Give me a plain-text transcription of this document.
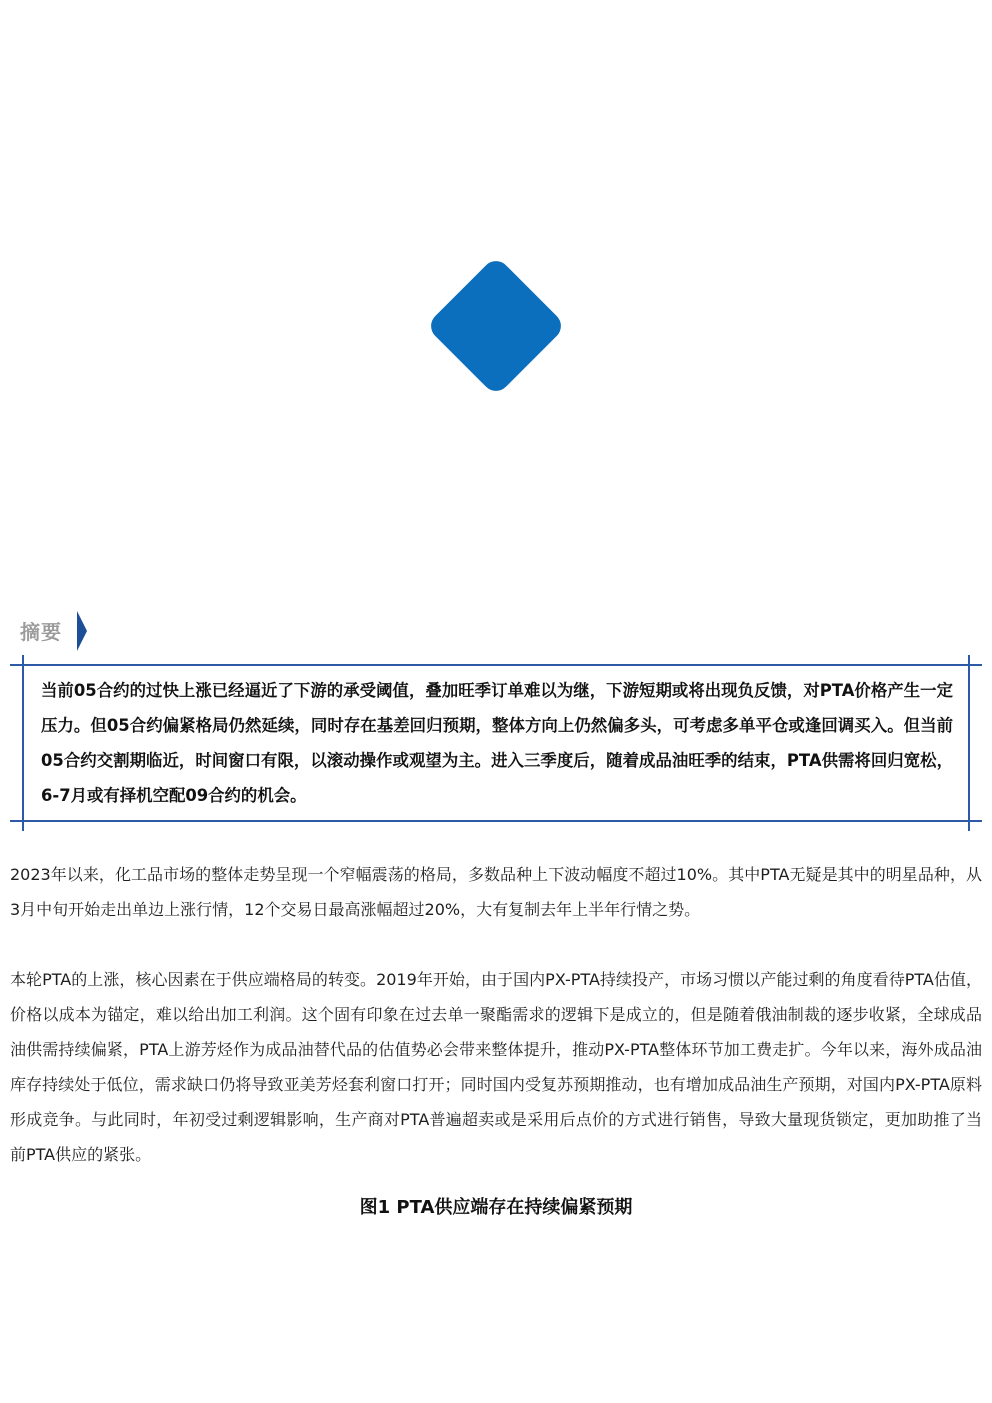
摘要
当前05合约的过快上涨已经逼近了下游的承受阈值，叠加旺季订单难以为继，下游短期或将出现负反馈，对PTA价格产生一定压力。但05合约偏紧格局仍然延续，同时存在基差回归预期，整体方向上仍然偏多头，可考虑多单平仓或逢回调买入。但当前05合约交割期临近，时间窗口有限，以滚动操作或观望为主。进入三季度后，随着成品油旺季的结束，PTA供需将回归宽松，6-7月或有择机空配09合约的机会。
2023年以来，化工品市场的整体走势呈现一个窄幅震荡的格局，多数品种上下波动幅度不超过10%。其中PTA无疑是其中的明星品种，从3月中旬开始走出单边上涨行情，12个交易日最高涨幅超过20%，大有复制去年上半年行情之势。
本轮PTA的上涨，核心因素在于供应端格局的转变。2019年开始，由于国内PX-PTA持续投产，市场习惯以产能过剩的角度看待PTA估值，价格以成本为锚定，难以给出加工利润。这个固有印象在过去单一聚酯需求的逻辑下是成立的，但是随着俄油制裁的逐步收紧，全球成品油供需持续偏紧，PTA上游芳烃作为成品油替代品的估值势必会带来整体提升，推动PX-PTA整体环节加工费走扩。今年以来，海外成品油库存持续处于低位，需求缺口仍将导致亚美芳烃套利窗口打开；同时国内受复苏预期推动，也有增加成品油生产预期，对国内PX-PTA原料形成竞争。与此同时，年初受过剩逻辑影响，生产商对PTA普遍超卖或是采用后点价的方式进行销售，导致大量现货锁定，更加助推了当前PTA供应的紧张。
图1 PTA供应端存在持续偏紧预期
